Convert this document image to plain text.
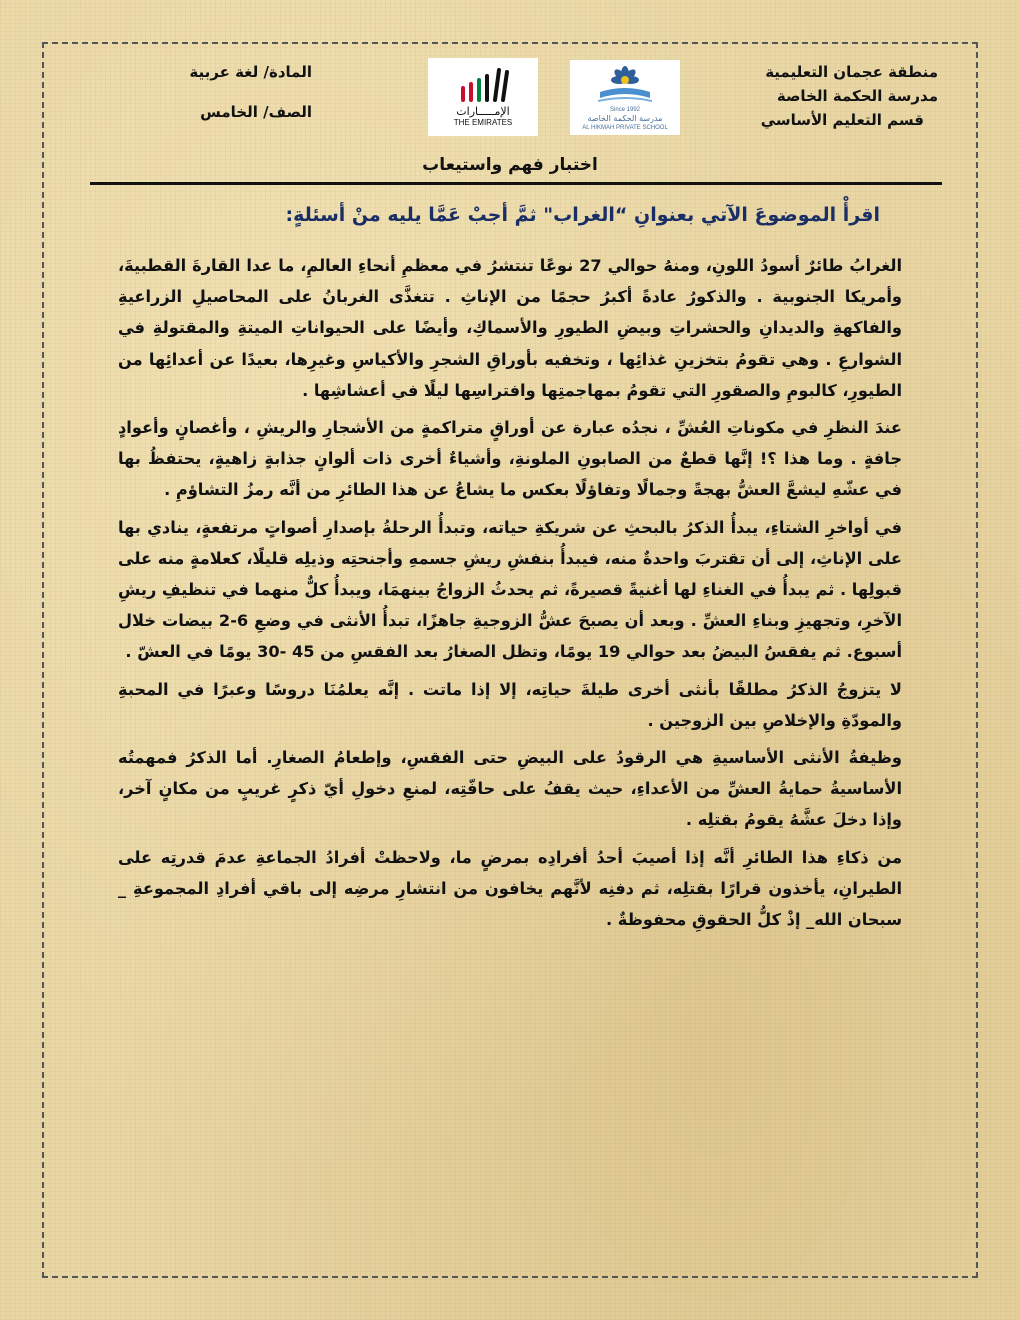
منطقة عجمان التعليمية
مدرسة الحكمة الخاصة
قسم التعليم الأساسي
Since 1992
مدرسة الحكمة الخاصة
AL HIKMAH PRIVATE SCHOOL
الإمـــــارات
THE EMIRATES
المادة/ لغة عربية
الصف/ الخامس
اختبار فهم واستيعاب
اقرأْ الموضوعَ الآتي بعنوانِ “الغراب" ثمَّ أجبْ عَمَّا يليه منْ أسئلةٍ:

الغرابُ طائرٌ أسودُ اللونِ، ومنهُ حوالي 27 نوعًا تنتشرُ في معظمِ أنحاءِ العالمِ، ما عدا القارةَ القطبيةَ، وأمريكا الجنوبية . والذكورُ عادةً أكبرُ حجمًا من الإناثِ . تتغذَّى الغربانُ على المحاصيلِ الزراعيةِ والفاكهةِ والديدانِ والحشراتِ وبيضِ الطيورِ والأسماكِ، وأيضًا على الحيواناتِ الميتةِ والمقتولةِ في الشوارعِ . وهي تقومُ بتخزينِ غذائِها ، وتخفيه بأوراقِ الشجرِ والأكياسِ وغيرِها، بعيدًا عن أعدائِها من الطيورِ، كالبومِ والصقورِ التي تقومُ بمهاجمتِها وافتراسِها ليلًا في أعشاشِها .

عندَ النظرِ في مكوناتِ العُشِّ ، نجدُه عبارة عن أوراقٍ متراكمةٍ من الأشجارِ والريشِ ، وأغصانٍ وأعوادٍ جافةٍ . وما هذا ؟! إنَّها قطعٌ من الصابونِ الملونةِ، وأشياءٌ أخرى ذات ألوانٍ جذابةٍ زاهيةٍ، يحتفظُ بها في عشّهِ ليشعَّ العشُّ بهجةً وجمالًا وتفاؤلًا بعكس ما يشاعُ عن هذا الطائرِ من أنَّه رمزُ التشاؤمِ .

في أواخرِ الشتاءِ، يبدأُ الذكرُ بالبحثِ عن شريكةِ حياته، وتبدأُ الرحلةُ بإصدارِ أصواتٍ مرتفعةٍ، ينادي بها على الإناثِ، إلى أن تقتربَ واحدةٌ منه، فيبدأُ بنفشِ ريشِ جسمهِ وأجنحتِه وذيلِه قليلًا، كعلامةٍ منه على قبولِها . ثم يبدأُ في الغناءِ لها أغنيةً قصيرةً، ثم يحدثُ الزواجُ بينهمَا، ويبدأُ كلٌّ منهما في تنظيفِ ريشِ الآخرِ، وتجهيزِ وبناءِ العشِّ . وبعد أن يصبحَ عشُّ الزوجيةِ جاهزًا، تبدأُ الأنثى في وضعِ 6-2 بيضات خلال أسبوع. ثم يفقسُ البيضُ بعد حوالي 19 يومًا، وتظل الصغارُ بعد الفقسِ من 45 -30 يومًا في العشّ .

لا يتزوجُ الذكرُ مطلقًا بأنثى أخرى طيلةَ حياتِه، إلا إذا ماتت . إنَّه يعلمُنَا دروسًا وعبرًا في المحبةِ والمودّةِ والإخلاصِ بين الزوجين .

وظيفةُ الأنثى الأساسيةِ هي الرقودُ على البيضِ حتى الفقسِ، وإطعامُ الصغارِ. أما الذكرُ فمهمتُه الأساسيةُ حمايةُ العشِّ من الأعداءِ، حيث يقفُ على حافّتِه، لمنعِ دخولِ أيّ ذكرٍ غريبٍ من مكانٍ آخر، وإذا دخلَ عشَّهُ يقومُ بقتلِه .

من ذكاءِ هذا الطائرِ أنَّه إذا أصيبَ أحدُ أفرادِه بمرضٍ ما، ولاحظتْ أفرادُ الجماعةِ عدمَ قدرتِه على الطيرانِ، يأخذون قرارًا بقتلِه، ثم دفنِه لأنَّهم يخافون من انتشارِ مرضِه إلى باقي أفرادِ المجموعةِ _ سبحان الله_ إذْ كلُّ الحقوقِ محفوظةٌ .
